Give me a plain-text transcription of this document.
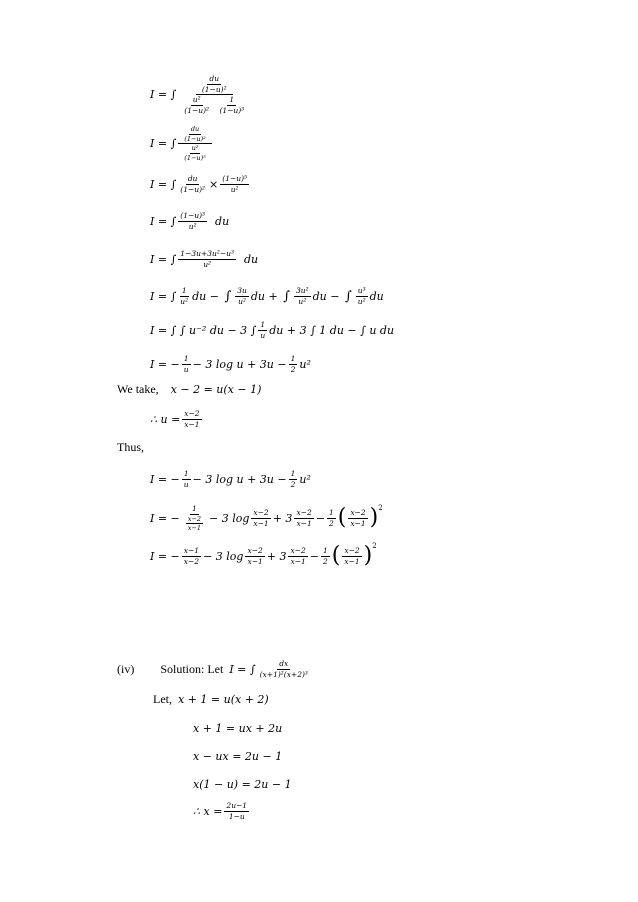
I = ∫ $\frac{du}{\text{(1−u)²}}$
$\frac{\text{u²}}{\text{(1−u)²}}$
$\frac{1}{\text{(1−u)³}}$
I = ∫ $\frac{\frac{du}{\text{(1−u)²}}}{\frac{\text{u²}}{\text{(1−u)⁵}}}$
I = ∫ $\frac{du}{\text{(1−u)²}} \times \frac{\text{(1−u)⁵}}{\text{u²}}$
I = ∫ $\frac{\text{(1−u)³}}{\text{u²}}$ du
I = ∫ $\frac{\text{1−3u+3u²−u³}}{\text{u²}}$ du
I = ∫ $\frac{1}{\text{u²}}$ du
−
∫ $\frac{3u}{\text{u²}}$ du
+
∫ $\frac{\text{3u²}}{\text{u²}}$ du
−
∫ $\frac{\text{u³}}{\text{u²}}$ du
I = ∫
∫ u⁻² du − 3 ∫ $\frac{1}{u}$ du + 3 ∫ 1 du − ∫ u du
I = − $\frac{1}{u} - 3$ $\log u + 3u - \frac{1}{2} u^2$
We take, x − 2 = u(x − 1)
∴ $u = \frac{x-2}{x-1}$
Thus,
I = − $\frac{1}{u} - 3$ $\log u + 3u - \frac{1}{2} u^2$
I = − $\frac{1}{\frac{x-2}{x-1}} - 3$ $\log \frac{x-2}{x-1} + 3 \frac{x-2}{x-1} - \frac{1}{2}$ ( $\frac{x-2}{x-1} )^2$
I = − $\frac{x-1}{x-2} - 3$ $\log \frac{x-2}{x-1} + 3 \frac{x-2}{x-1} - \frac{1}{2}$ ( $\frac{x-2}{x-1} )^2$
(iv) Solution: Let I = ∫ $\frac{dx}{\text{(x+1)²(x+2)³}}$
Let, x + 1 = u(x + 2)
x + 1 = ux + 2u
x − ux = 2u − 1
x(1 − u) = 2u − 1
∴ $x = \frac{2u-1}{1-u}$
